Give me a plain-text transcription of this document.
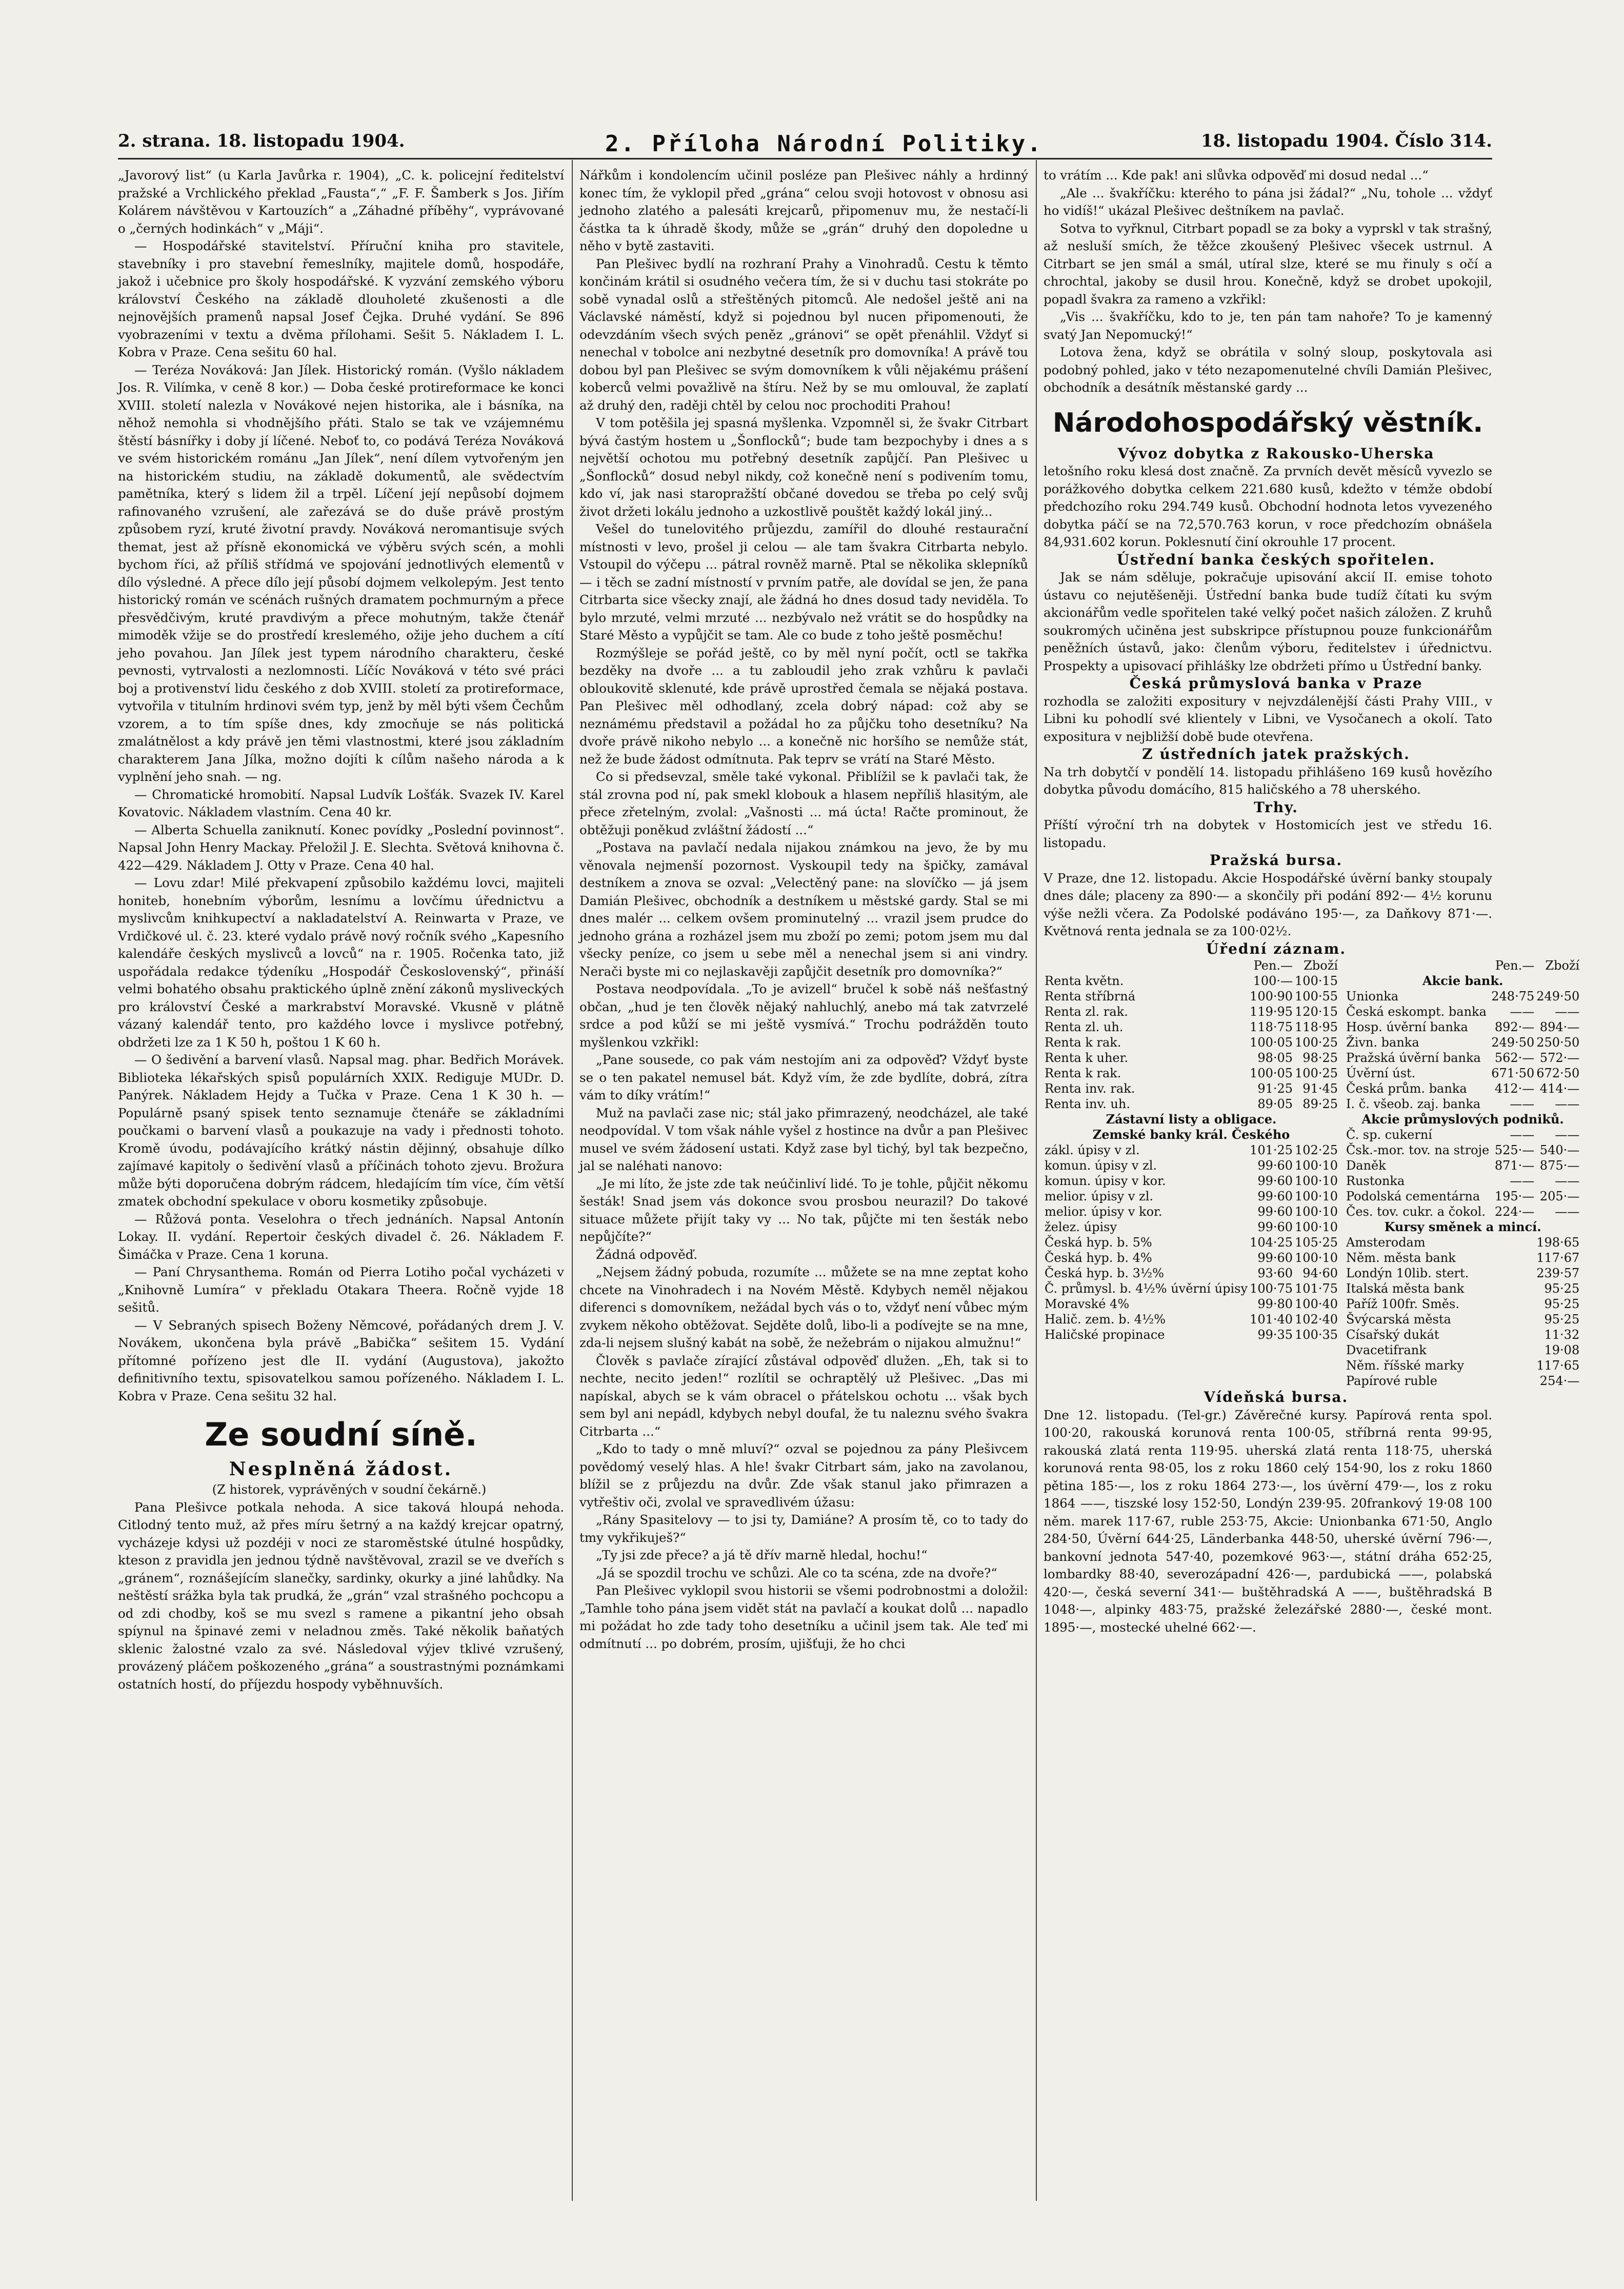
2. strana. 18. listopadu 1904.	2. Příloha Národní Politiky.	18. listopadu 1904. Číslo 314.

„Javorový list“ (u Karla Javůrka r. 1904), „C. k. policejní ředitelství pražské a Vrchlického překlad „Fausta“,“ „F. F. Šamberk s Jos. Jiřím Kolárem návštěvou v Kartouzích“ a „Záhadné příběhy“, vyprávované o „černých hodinkách“ v „Máji“.

— Hospodářské stavitelství. Příruční kniha pro stavitele, stavebníky i pro stavební řemeslníky, majitele domů, hospodáře, jakož i učebnice pro školy hospodářské. K vyzvání zemského výboru království Českého na základě dlouholeté zkušenosti a dle nejnovějších pramenů napsal Josef Čejka. Druhé vydání. Se 896 vyobrazeními v textu a dvěma přílohami. Sešit 5. Nákladem I. L. Kobra v Praze. Cena sešitu 60 hal.

— Teréza Nováková: Jan Jílek. Historický román. (Vyšlo nákladem Jos. R. Vilímka, v ceně 8 kor.) — Doba české protireformace ke konci XVIII. století nalezla v Novákové nejen historika, ale i básníka, na něhož nemohla si vhodnějšího přáti. Stalo se tak ve vzájemnému štěstí básnířky i doby jí líčené. Neboť to, co podává Teréza Nováková ve svém historickém románu „Jan Jílek“, není dílem vytvořeným jen na historickém studiu, na základě dokumentů, ale svědectvím pamětníka, který s lidem žil a trpěl. Líčení její nepůsobí dojmem rafinovaného vzrušení, ale zařezává se do duše právě prostým způsobem ryzí, kruté životní pravdy. Nováková neromantisuje svých themat, jest až přísně ekonomická ve výběru svých scén, a mohli bychom říci, až příliš střídmá ve spojování jednotlivých elementů v dílo výsledné. A přece dílo její působí dojmem velkolepým. Jest tento historický román ve scénách rušných dramatem pochmurným a přece přesvědčivým, kruté pravdivým a přece mohutným, takže čtenář mimoděk vžije se do prostředí kreslemého, ožije jeho duchem a cítí jeho povahou. Jan Jílek jest typem národního charakteru, české pevnosti, vytrvalosti a nezlomnosti. Líčíc Nováková v této své práci boj a protivenství lidu českého z dob XVIII. století za protireformace, vytvořila v titulním hrdinovi svém typ, jenž by měl býti všem Čechům vzorem, a to tím spíše dnes, kdy zmocňuje se nás politická zmalátnělost a kdy právě jen těmi vlastnostmi, které jsou základním charakterem Jana Jílka, možno dojíti k cílům našeho národa a k vyplnění jeho snah. — ng.

— Chromatické hromobití. Napsal Ludvík Lošťák. Svazek IV. Karel Kovatovic. Nákladem vlastním. Cena 40 kr.

— Alberta Schuella zaniknutí. Konec povídky „Poslední povinnost“. Napsal John Henry Mackay. Přeložil J. E. Slechta. Světová knihovna č. 422—429. Nákladem J. Otty v Praze. Cena 40 hal.

— Lovu zdar! Milé překvapení způsobilo každému lovci, majiteli honiteb, honebním výborům, lesnímu a lovčímu úřednictvu a myslivcům knihkupectví a nakladatelství A. Reinwarta v Praze, ve Vrdičkové ul. č. 23. které vydalo právě nový ročník svého „Kapesního kalendáře českých myslivců a lovců“ na r. 1905. Ročenka tato, již uspořádala redakce týdeníku „Hospodář Československý“, přináší velmi bohatého obsahu praktického úplně znění zákonů mysliveckých pro království České a markrabství Moravské. Vkusně v plátně vázaný kalendář tento, pro každého lovce i myslivce potřebný, obdržeti lze za 1 K 50 h, poštou 1 K 60 h.

— O šedivění a barvení vlasů. Napsal mag. phar. Bedřich Morávek. Biblioteka lékařských spisů populárních XXIX. Rediguje MUDr. D. Panýrek. Nákladem Hejdy a Tučka v Praze. Cena 1 K 30 h. — Populárně psaný spisek tento seznamuje čtenáře se základními poučkami o barvení vlasů a poukazuje na vady i přednosti tohoto. Kromě úvodu, podávajícího krátký nástin dějinný, obsahuje dílko zajímavé kapitoly o šedivění vlasů a příčinách tohoto zjevu. Brožura může býti doporučena dobrým rádcem, hledajícím tím více, čím větší zmatek obchodní spekulace v oboru kosmetiky způsobuje.

— Růžová ponta. Veselohra o třech jednáních. Napsal Antonín Lokay. II. vydání. Repertoir českých divadel č. 26. Nákladem F. Šimáčka v Praze. Cena 1 koruna.

— Paní Chrysanthema. Román od Pierra Lotiho počal vycházeti v „Knihovně Lumíra“ v překladu Otakara Theera. Ročně vyjde 18 sešitů.

— V Sebraných spisech Boženy Němcové, pořádaných drem J. V. Novákem, ukončena byla právě „Babička“ sešitem 15. Vydání přítomné pořízeno jest dle II. vydání (Augustova), jakožto definitivního textu, spisovatelkou samou pořízeného. Nákladem I. L. Kobra v Praze. Cena sešitu 32 hal.

Ze soudní síně.
Nesplněná žádost.

(Z historek, vyprávěných v soudní čekárně.)

Pana Plešivce potkala nehoda. A sice taková hloupá nehoda. Citlodný tento muž, až přes míru šetrný a na každý krejcar opatrný, vycházeje kdysi už pozdéji v noci ze staroměstské útulné hospůdky, kteson z pravidla jen jednou týdně navštěvoval, zrazil se ve dveřích s „gránem“, roznášejícím slanečky, sardinky, okurky a jiné lahůdky. Na neštěstí srážka byla tak prudká, že „grán“ vzal strašného pochcopu a od zdi chodby, koš se mu svezl s ramene a pikantní jeho obsah spíynul na špinavé zemi v neladnou změs. Také několik baňatých sklenic žalostné vzalo za své. Následoval výjev tklivé vzrušený, provázený pláčem poškozeného „grána“ a soustrastnými poznámkami ostatních hostí, do příjezdu hospody vyběhnuvších.

Nářkům i kondolencím učinil posléze pan Plešivec náhly a hrdinný konec tím, že vyklopil před „grána“ celou svoji hotovost v obnosu asi jednoho zlatého a palesáti krejcarů, připomenuv mu, že nestačí-li částka ta k úhradě škody, může se „grán“ druhý den dopoledne u něho v bytě zastaviti.

Pan Plešivec bydlí na rozhraní Prahy a Vinohradů. Cestu k těmto končinám krátil si osudného večera tím, že si v duchu tasi stokráte po sobě vynadal oslů a střeštěných pitomců. Ale nedošel ještě ani na Václavské náměstí, když si pojednou byl nucen připomenouti, že odevzdáním všech svých peněz „gránovi“ se opět přenáhlil. Vždyť si nenechal v tobolce ani nezbytné desetník pro domovníka! A právě tou dobou byl pan Plešivec se svým domovníkem k vůli nějakému prášení koberců velmi považlivě na štíru. Než by se mu omlouval, že zaplatí až druhý den, raději chtěl by celou noc prochoditi Prahou!

V tom potěšila jej spasná myšlenka. Vzpomněl si, že švakr Citrbart bývá častým hostem u „Šonflocků“; bude tam bezpochyby i dnes a s největší ochotou mu potřebný desetník zapůjčí. Pan Plešivec u „Šonflocků“ dosud nebyl nikdy, což konečně není s podivením tomu, kdo ví, jak nasi staropražští občané dovedou se třeba po celý svůj život držeti lokálu jednoho a uzkostlivě pouštět každý lokál jiný...

Vešel do tunelovitého průjezdu, zamířil do dlouhé restaurační místnosti v levo, prošel ji celou — ale tam švakra Citrbarta nebylo. Vstoupil do výčepu ... pátral rovněž marně. Ptal se několika sklepníků — i těch se zadní místností v prvním patře, ale dovídal se jen, že pana Citrbarta sice všecky znají, ale žádná ho dnes dosud tady neviděla. To bylo mrzuté, velmi mrzuté ... nezbývalo než vrátit se do hospůdky na Staré Město a vypůjčit se tam. Ale co bude z toho ještě posměchu!

Rozmýšleje se pořád ještě, co by měl nyní počít, octl se takřka bezděky na dvoře ... a tu zabloudil jeho zrak vzhůru k pavlači obloukovitě sklenuté, kde právě uprostřed čemala se nějaká postava. Pan Plešivec měl odhodlaný, zcela dobrý nápad: což aby se neznámému představil a požádal ho za půjčku toho desetníku? Na dvoře právě nikoho nebylo ... a konečně nic horšího se nemůže stát, než že bude žádost odmítnuta. Pak teprv se vrátí na Staré Město.

Co si předsevzal, směle také vykonal. Přiblížil se k pavlači tak, že stál zrovna pod ní, pak smekl klobouk a hlasem nepříliš hlasitým, ale přece zřetelným, zvolal: „Vašnosti ... má úcta! Račte prominout, že obtěžuji poněkud zvláštní žádostí ...“

„Postava na pavlačí nedala nijakou známkou na jevo, že by mu věnovala nejmenší pozornost. Vyskoupil tedy na špičky, zamával destníkem a znova se ozval: „Velectěný pane: na slovíčko — já jsem Damián Plešivec, obchodník a destníkem u městské gardy. Stal se mi dnes malér ... celkem ovšem prominutelný ... vrazil jsem prudce do jednoho grána a rozházel jsem mu zboží po zemi; potom jsem mu dal všecky peníze, co jsem u sebe měl a nenechal jsem si ani vindry. Nerači byste mi co nejlaskavěji zapůjčit desetník pro domovníka?“

Postava neodpovídala. „To je avizell“ bručel k sobě náš nešťastný občan, „hud je ten člověk nějaký nahluchlý, anebo má tak zatvrzelé srdce a pod kůží se mi ještě vysmívá.“ Trochu podrážděn touto myšlenkou vzkřikl:

„Pane sousede, co pak vám nestojím ani za odpověď? Vždyť byste se o ten pakatel nemusel bát. Když vím, že zde bydlíte, dobrá, zítra vám to díky vrátím!“

Muž na pavlači zase nic; stál jako přimrazený, neodcházel, ale také neodpovídal. V tom však náhle vyšel z hostince na dvůr a pan Plešivec musel ve svém žádosení ustati. Když zase byl tichý, byl tak bezpečno, jal se naléhati nanovo:

„Je mi líto, že jste zde tak neúčinliví lidé. To je tohle, půjčit někomu šesták! Snad jsem vás dokonce svou prosbou neurazil? Do takové situace můžete přijít taky vy ... No tak, půjčte mi ten šesták nebo nepůjčíte?“

Žádná odpověď.

„Nejsem žádný pobuda, rozumíte ... můžete se na mne zeptat koho chcete na Vinohradech i na Novém Městě. Kdybych neměl nějakou diferenci s domovníkem, nežádal bych vás o to, vždyť není vůbec mým zvykem někoho obtěžovat. Sejděte dolů, libo-li a podívejte se na mne, zda-li nejsem slušný kabát na sobě, že nežebrám o nijakou almužnu!“

Člověk s pavlače zírající zůstával odpověď dlužen. „Eh, tak si to nechte, necito jeden!“ rozlítil se ochraptělý už Plešivec. „Das mi napískal, abych se k vám obracel o přátelskou ochotu ... však bych sem byl ani nepádl, kdybych nebyl doufal, že tu naleznu svého švakra Citrbarta ...“

„Kdo to tady o mně mluví?“ ozval se pojednou za pány Plešivcem povědomý veselý hlas. A hle! švakr Citrbart sám, jako na zavolanou, blížil se z průjezdu na dvůr. Zde však stanul jako přimrazen a vytřeštiv oči, zvolal ve spravedlivém úžasu:

„Rány Spasitelovy — to jsi ty, Damiáne? A prosím tě, co to tady do tmy vykřikuješ?“

„Ty jsi zde přece? a já tě dřív marně hledal, hochu!“

„Já se spozdil trochu ve schůzi. Ale co ta scéna, zde na dvoře?“

Pan Plešivec vyklopil svou historii se všemi podrobnostmi a doložil: „Tamhle toho pána jsem vidět stát na pavlačí a koukat dolů ... napadlo mi požádat ho zde tady toho desetníku a učinil jsem tak. Ale teď mi odmítnutí ... po dobrém, prosím, ujišťuji, že ho chci

to vrátím ... Kde pak! ani slůvka odpověď mi dosud nedal ...“

„Ale ... švakříčku: kterého to pána jsi žádal?“ „Nu, tohole ... vždyť ho vidíš!“ ukázal Plešivec deštníkem na pavlač.

Sotva to vyřknul, Citrbart popadl se za boky a vyprskl v tak strašný, až nesluší smích, že těžce zkoušený Plešivec všecek ustrnul. A Citrbart se jen smál a smál, utíral slze, které se mu řinuly s očí a chrochtal, jakoby se dusil hrou. Konečně, když se drobet upokojil, popadl švakra za rameno a vzkřikl:

„Vis ... švakříčku, kdo to je, ten pán tam nahoře? To je kamenný svatý Jan Nepomucký!“

Lotova žena, když se obrátila v solný sloup, poskytovala asi podobný pohled, jako v této nezapomenutelné chvíli Damián Plešivec, obchodník a desátník městanské gardy ...

Národohospodářský věstník.

Vývoz dobytka z Rakousko-Uherska

letošního roku klesá dost značně. Za prvních devět měsíců vyvezlo se porážkového dobytka celkem 221.680 kusů, kdežto v témže období předchozího roku 294.749 kusů. Obchodní hodnota letos vyvezeného dobytka páčí se na 72,570.763 korun, v roce předchozím obnášela 84,931.602 korun. Poklesnutí činí okrouhle 17 procent.

Ústřední banka českých spořitelen.

Jak se nám sděluje, pokračuje upisování akcií II. emise tohoto ústavu co nejutěšeněji. Ústřední banka bude tudíž čítati ku svým akcionářům vedle spořitelen také velký počet našich záložen. Z kruhů soukromých učiněna jest subskripce přístupnou pouze funkcionářům peněžních ústavů, jako: členům výboru, ředitelstev i úřednictvu. Prospekty a upisovací přihlášky lze obdržeti přímo u Ústřední banky.

Česká průmyslová banka v Praze

rozhodla se založiti expositury v nejvzdálenější části Prahy VIII., v Libni ku pohodlí své klientely v Libni, ve Vysočanech a okolí. Tato expositura v nejbližší době bude otevřena.

Z ústředních jatek pražských.

Na trh dobytčí v pondělí 14. listopadu přihlášeno 169 kusů hovězího dobytka původu domácího, 815 haličského a 78 uherského.

Trhy.

Příští výroční trh na dobytek v Hostomicích jest ve středu 16. listopadu.

Pražská bursa.

V Praze, dne 12. listopadu. Akcie Hospodářské úvěrní banky stoupaly dnes dále; placeny za 890·— a skončily při podání 892·— 4½ korunu výše nežli včera. Za Podolské podáváno 195·—, za Daňkovy 871·—. Květnová renta jednala se za 100·02½.

Úřední záznam.

	Pen.—	Zboží
Renta květn.	100·—	100·15
Renta stříbrná	100·90	100·55
Renta zl. rak.	119·95	120·15
Renta zl. uh.	118·75	118·95
Renta k rak.	100·05	100·25
Renta k uher.	98·05	98·25
Renta k rak.	100·05	100·25
Renta inv. rak.	91·25	91·45
Renta inv. uh.	89·05	89·25
Zástavní listy a obligace.		
Zemské banky král. Českého		
zákl. úpisy v zl.	101·25	102·25
komun. úpisy v zl.	99·60	100·10
komun. úpisy v kor.	99·60	100·10
melior. úpisy v zl.	99·60	100·10
melior. úpisy v kor.	99·60	100·10
želez. úpisy	99·60	100·10
Česká hyp. b. 5%	104·25	105·25
Česká hyp. b. 4%	99·60	100·10
Česká hyp. b. 3½%	93·60	94·60
Č. průmysl. b. 4½% úvěrní úpisy	100·75	101·75
Moravské 4%	99·80	100·40
Halič. zem. b. 4½%	101·40	102·40
Haličské propinace	99·35	100·35
	Pen.—	Zboží
Akcie bank.		
Unionka	248·75	249·50
Česká eskompt. banka	——	——
Hosp. úvěrní banka	892·—	894·—
Živn. banka	249·50	250·50
Pražská úvěrní banka	562·—	572·—
Úvěrní úst.	671·50	672·50
Česká prům. banka	412·—	414·—
I. č. všeob. zaj. banka	——	——
Akcie průmyslových podniků.		
Č. sp. cukerní	——	——
Čsk.-mor. tov. na stroje	525·—	540·—
Daněk	871·—	875·—
Rustonka	——	——
Podolská cementárna	195·—	205·—
Čes. tov. cukr. a čokol.	224·—	——
Kursy směnek a mincí.		
Amsterodam		198·65
Něm. města bank		117·67
Londýn 10lib. stert.		239·57
Italská města bank		95·25
Paříž 100fr. Směs.		95·25
Švýcarská města		95·25
Císařský dukát		11·32
Dvacetifrank		19·08
Něm. říšské marky		117·65
Papírové ruble		254·—

Vídeňská bursa.

Dne 12. listopadu. (Tel-gr.) Závěrečné kursy. Papírová renta spol. 100·20, rakouská korunová renta 100·05, stříbrná renta 99·95, rakouská zlatá renta 119·95. uherská zlatá renta 118·75, uherská korunová renta 98·05, los z roku 1860 celý 154·90, los z roku 1860 pětina 185·—, los z roku 1864 273·—, los úvěrní 479·—, los z roku 1864 ——, tiszské losy 152·50, Londýn 239·95. 20frankový 19·08 100 něm. marek 117·67, ruble 253·75, Akcie: Unionbanka 671·50, Anglo 284·50, Úvěrní 644·25, Länderbanka 448·50, uherské úvěrní 796·—, bankovní jednota 547·40, pozemkové 963·—, státní dráha 652·25, lombardky 88·40, severozápadní 426·—, pardubická ——, polabská 420·—, česká severní 341·— buštěhradská A ——, buštěhradská B 1048·—, alpinky 483·75, pražské železářské 2880·—, české mont. 1895·—, mostecké uhelné 662·—.
